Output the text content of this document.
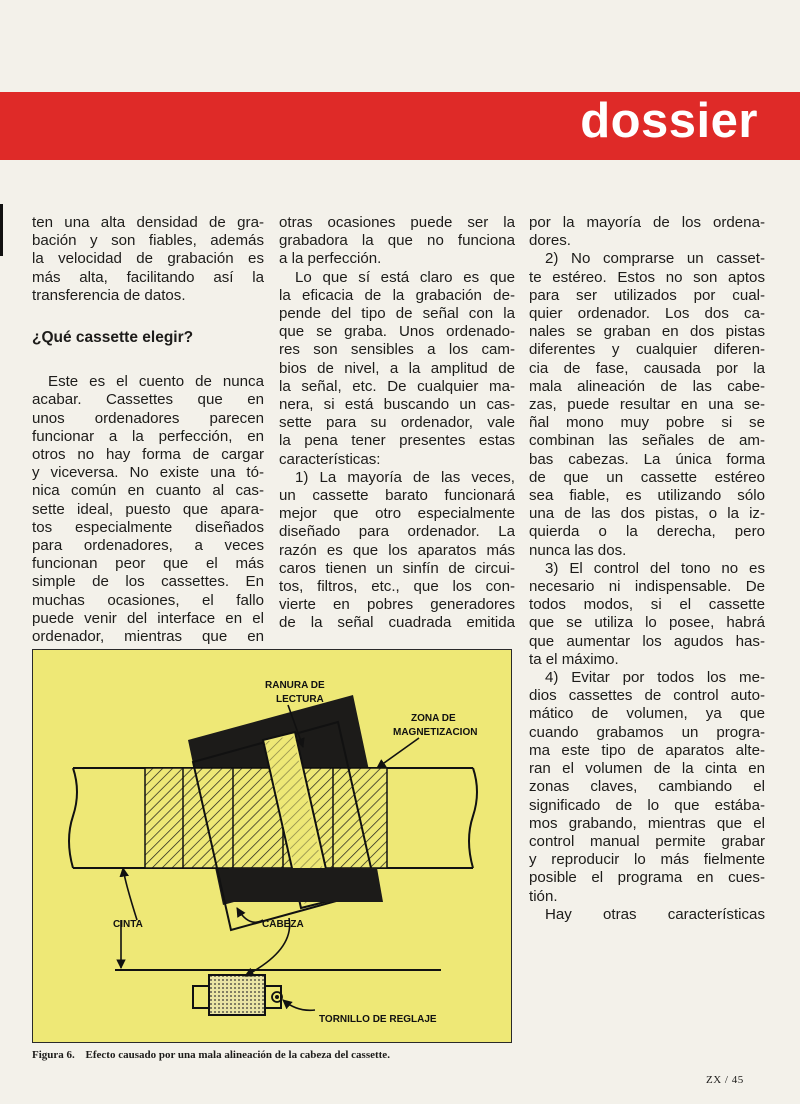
dossier

ten una alta densidad de gra-
bación y son fiables, además
la velocidad de grabación es
más alta, facilitando así la
transferencia de datos.

¿Qué cassette elegir?

Este es el cuento de nunca
acabar. Cassettes que en
unos ordenadores parecen
funcionar a la perfección, en
otros no hay forma de cargar
y viceversa. No existe una tó-
nica común en cuanto al cas-
sette ideal, puesto que apara-
tos especialmente diseñados
para ordenadores, a veces
funcionan peor que el más
simple de los cassettes. En
muchas ocasiones, el fallo
puede venir del interface en el
ordenador, mientras que en

otras ocasiones puede ser la
grabadora la que no funciona
a la perfección.

Lo que sí está claro es que
la eficacia de la grabación de-
pende del tipo de señal con la
que se graba. Unos ordenado-
res son sensibles a los cam-
bios de nivel, a la amplitud de
la señal, etc. De cualquier ma-
nera, si está buscando un cas-
sette para su ordenador, vale
la pena tener presentes estas
características:

1) La mayoría de las veces,
un cassette barato funcionará
mejor que otro especialmente
diseñado para ordenador. La
razón es que los aparatos más
caros tienen un sinfín de circui-
tos, filtros, etc., que los con-
vierte en pobres generadores
de la señal cuadrada emitida

por la mayoría de los ordena-
dores.

2) No comprarse un casset-
te estéreo. Estos no son aptos
para ser utilizados por cual-
quier ordenador. Los dos ca-
nales se graban en dos pistas
diferentes y cualquier diferen-
cia de fase, causada por la
mala alineación de las cabe-
zas, puede resultar en una se-
ñal mono muy pobre si se
combinan las señales de am-
bas cabezas. La única forma
de que un cassette estéreo
sea fiable, es utilizando sólo
una de las dos pistas, o la iz-
quierda o la derecha, pero
nunca las dos.

3) El control del tono no es
necesario ni indispensable. De
todos modos, si el cassette
que se utiliza lo posee, habrá
que aumentar los agudos has-
ta el máximo.

4) Evitar por todos los me-
dios cassettes de control auto-
mático de volumen, ya que
cuando grabamos un progra-
ma este tipo de aparatos alte-
ran el volumen de la cinta en
zonas claves, cambiando el
significado de lo que estába-
mos grabando, mientras que el
control manual permite grabar
y reproducir lo más fielmente
posible el programa en cues-
tión.

Hay otras características

RANURA DE
LECTURA
ZONA DE
MAGNETIZACION
CINTA	CABEZA
TORNILLO DE REGLAJE
Figura 6. Efecto causado por una mala alineación de la cabeza del cassette.
ZX / 45
